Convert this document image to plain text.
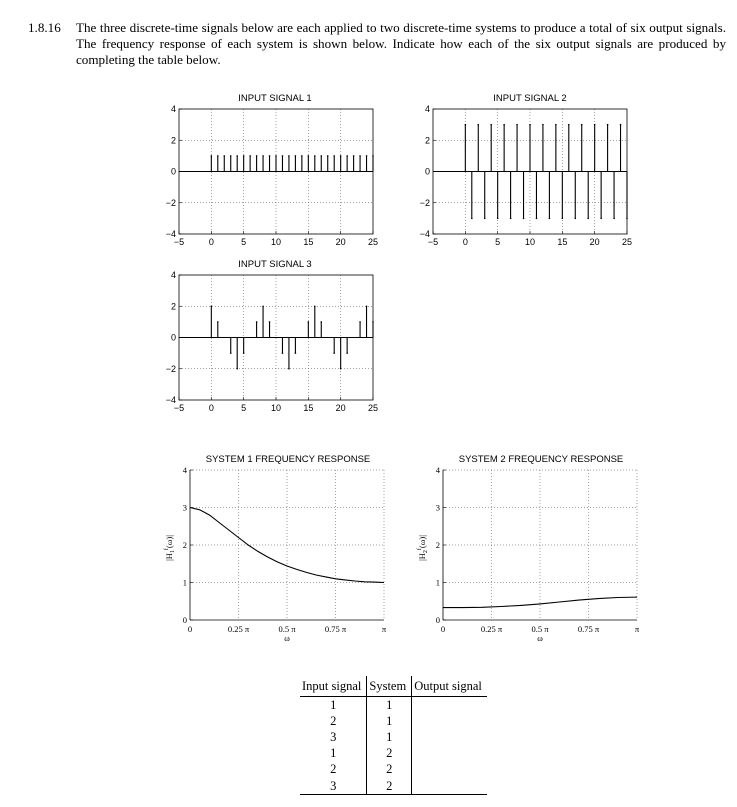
1.8.16 The three discrete-time signals below are each applied to two discrete-time systems to produce a total of six output signals. The frequency response of each system is shown below. Indicate how each of the six output signals are produced by completing the table below.
INPUT SIGNAL 1
−5	0	5	10 15 20 25
4
2
0
−2
−4
INPUT SIGNAL 2
−5	0	5	10 15 20 25
4
2
0
−2
−4
INPUT SIGNAL 3
−5	0	5	10 15 20 25
4
2
0
−2
−4
SYSTEM 1 FREQUENCY RESPONSE
0	0.25 π	0.5 π	0.75 π	π
4
3
2
1
0
ω
$|H_1^f(\omega)|$
SYSTEM 2 FREQUENCY RESPONSE
0	0.25 π	0.5 π	0.75 π	π
4
3
2
1
0
ω
$|H_2^f(\omega)|$
Input signal	System	Output signal
1	1	
2	1	
3	1	
1	2	
2	2	
3	2	
